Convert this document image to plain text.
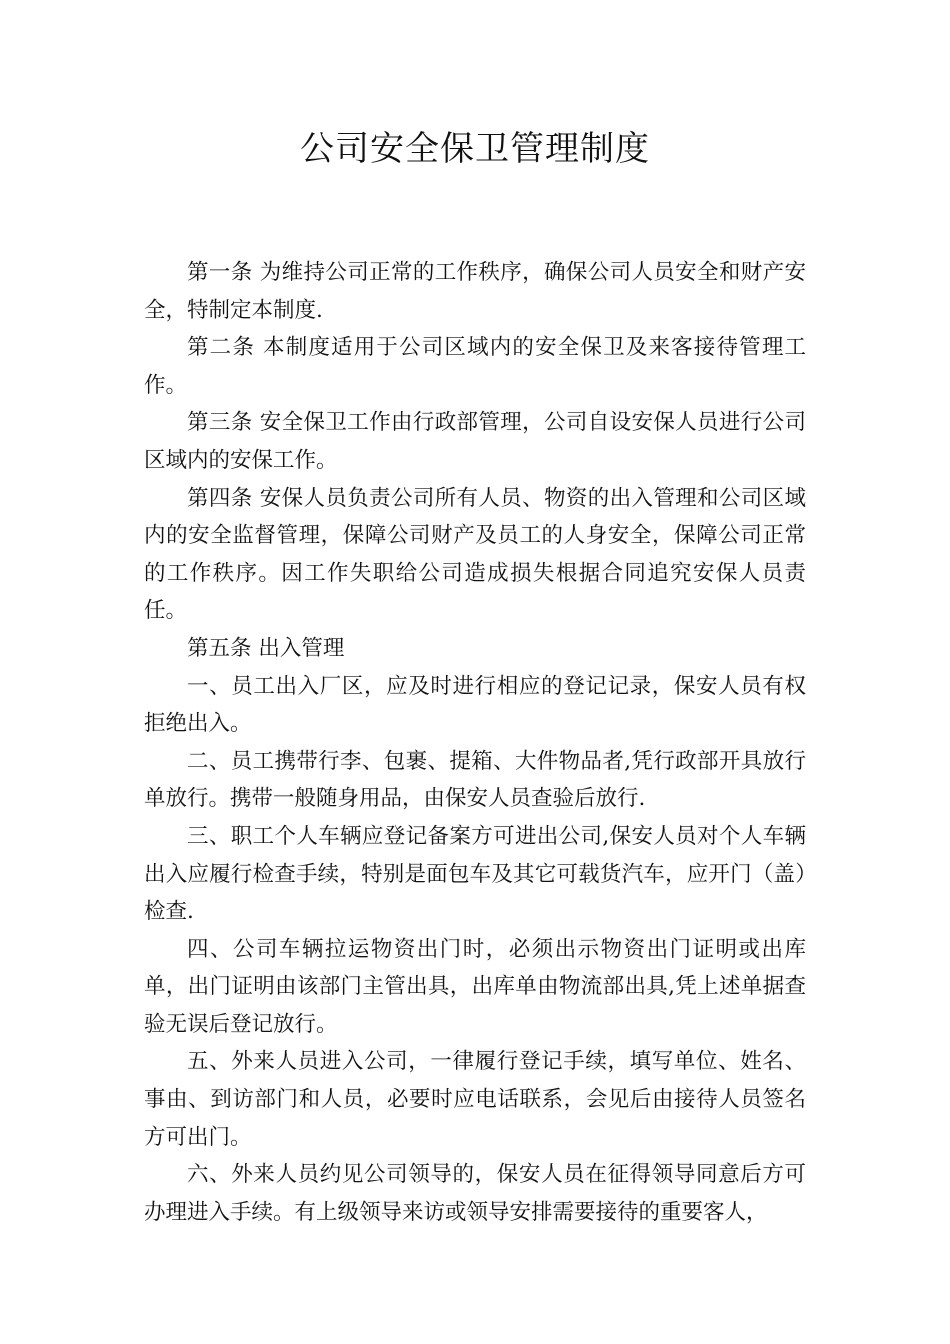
公司安全保卫管理制度

第一条 为维持公司正常的工作秩序，确保公司人员安全和财产安全，特制定本制度.

第二条 本制度适用于公司区域内的安全保卫及来客接待管理工作。

第三条 安全保卫工作由行政部管理，公司自设安保人员进行公司区域内的安保工作。

第四条 安保人员负责公司所有人员、物资的出入管理和公司区域内的安全监督管理，保障公司财产及员工的人身安全，保障公司正常的工作秩序。因工作失职给公司造成损失根据合同追究安保人员责任。

第五条 出入管理

一、员工出入厂区，应及时进行相应的登记记录，保安人员有权拒绝出入。

二、员工携带行李、包裹、提箱、大件物品者,凭行政部开具放行单放行。携带一般随身用品，由保安人员查验后放行.

三、职工个人车辆应登记备案方可进出公司,保安人员对个人车辆出入应履行检查手续，特别是面包车及其它可载货汽车，应开门（盖）检查.

四、公司车辆拉运物资出门时，必须出示物资出门证明或出库单，出门证明由该部门主管出具，出库单由物流部出具,凭上述单据查验无误后登记放行。

五、外来人员进入公司，一律履行登记手续，填写单位、姓名、事由、到访部门和人员，必要时应电话联系，会见后由接待人员签名方可出门。

六、外来人员约见公司领导的，保安人员在征得领导同意后方可办理进入手续。有上级领导来访或领导安排需要接待的重要客人，
